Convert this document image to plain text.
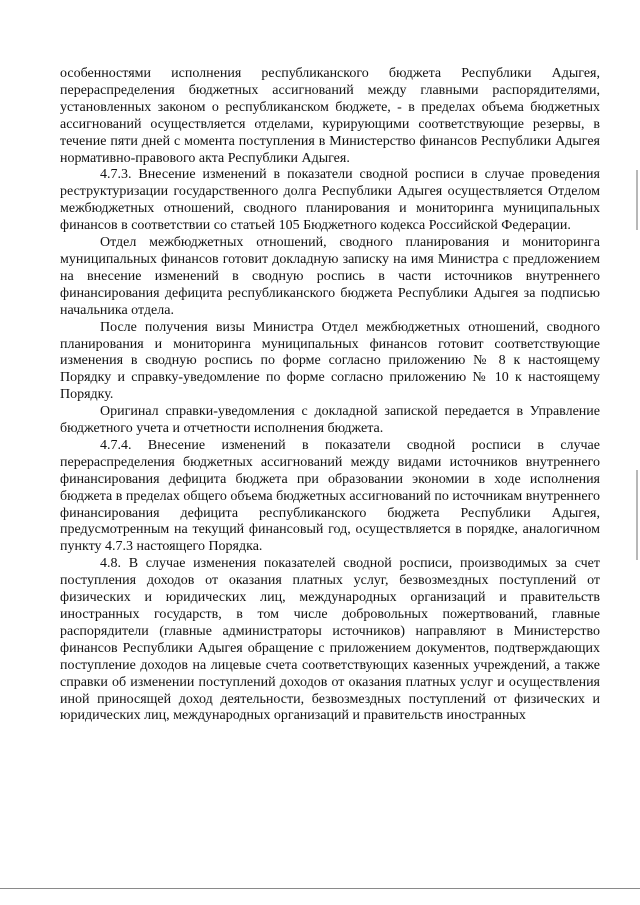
особенностями исполнения республиканского бюджета Республики Адыгея, перераспределения бюджетных ассигнований между главными распорядителями, установленных законом о республиканском бюджете, - в пределах объема бюджетных ассигнований осуществляется отделами, курирующими соответствующие резервы, в течение пяти дней с момента поступления в Министерство финансов Республики Адыгея нормативно-правового акта Республики Адыгея.

4.7.3. Внесение изменений в показатели сводной росписи в случае проведения реструктуризации государственного долга Республики Адыгея осуществляется Отделом межбюджетных отношений, сводного планирования и мониторинга муниципальных финансов в соответствии со статьей 105 Бюджетного кодекса Российской Федерации.

Отдел межбюджетных отношений, сводного планирования и мониторинга муниципальных финансов готовит докладную записку на имя Министра с предложением на внесение изменений в сводную роспись в части источников внутреннего финансирования дефицита республиканского бюджета Республики Адыгея за подписью начальника отдела.

После получения визы Министра Отдел межбюджетных отношений, сводного планирования и мониторинга муниципальных финансов готовит соответствующие изменения в сводную роспись по форме согласно приложению № 8 к настоящему Порядку и справку-уведомление по форме согласно приложению № 10 к настоящему Порядку.

Оригинал справки-уведомления с докладной запиской передается в Управление бюджетного учета и отчетности исполнения бюджета.

4.7.4. Внесение изменений в показатели сводной росписи в случае перераспределения бюджетных ассигнований между видами источников внутреннего финансирования дефицита бюджета при образовании экономии в ходе исполнения бюджета в пределах общего объема бюджетных ассигнований по источникам внутреннего финансирования дефицита республиканского бюджета Республики Адыгея, предусмотренным на текущий финансовый год, осуществляется в порядке, аналогичном пункту 4.7.3 настоящего Порядка.

4.8. В случае изменения показателей сводной росписи, производимых за счет поступления доходов от оказания платных услуг, безвозмездных поступлений от физических и юридических лиц, международных организаций и правительств иностранных государств, в том числе добровольных пожертвований, главные распорядители (главные администраторы источников) направляют в Министерство финансов Республики Адыгея обращение с приложением документов, подтверждающих поступление доходов на лицевые счета соответствующих казенных учреждений, а также справки об изменении поступлений доходов от оказания платных услуг и осуществления иной приносящей доход деятельности, безвозмездных поступлений от физических и юридических лиц, международных организаций и правительств иностранных
